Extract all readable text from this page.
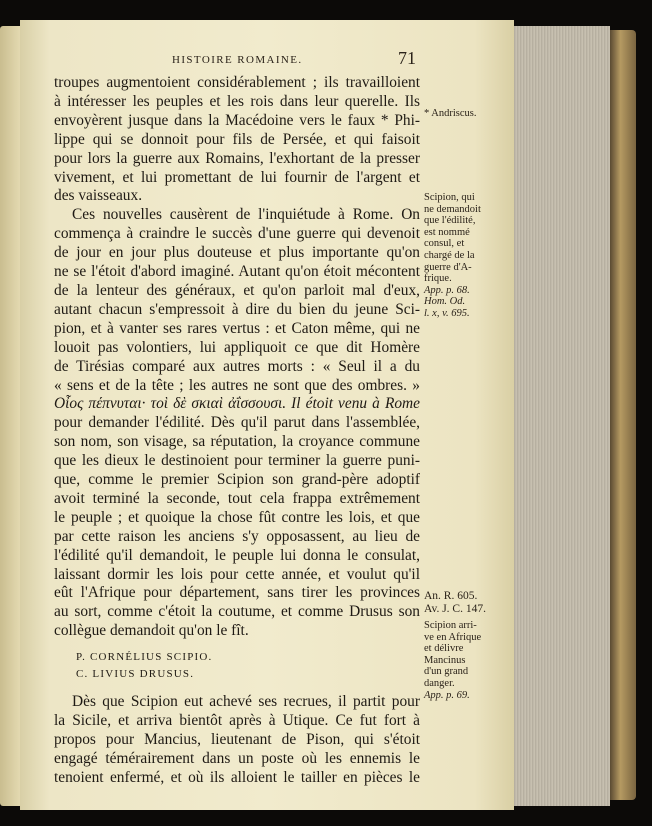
HISTOIRE ROMAINE.	71

troupes augmentoient considérablement ; ils travailloient

à intéresser les peuples et les rois dans leur querelle. Ils

envoyèrent jusque dans la Macédoine vers le faux * Phi-

lippe qui se donnoit pour fils de Persée, et qui faisoit

pour lors la guerre aux Romains, l'exhortant de la presser

vivement, et lui promettant de lui fournir de l'argent et

des vaisseaux.

Ces nouvelles causèrent de l'inquiétude à Rome. On

commença à craindre le succès d'une guerre qui devenoit

de jour en jour plus douteuse et plus importante qu'on

ne se l'étoit d'abord imaginé. Autant qu'on étoit mécontent

de la lenteur des généraux, et qu'on parloit mal d'eux,

autant chacun s'empressoit à dire du bien du jeune Sci-

pion, et à vanter ses rares vertus : et Caton même, qui ne

louoit pas volontiers, lui appliquoit ce que dit Homère

de Tirésias comparé aux autres morts : « Seul il a du

« sens et de la tête ; les autres ne sont que des ombres. »

Οἶος πέπνυται· τοὶ δὲ σκιαὶ ἀΐσσουσι. Il étoit venu à Rome

pour demander l'édilité. Dès qu'il parut dans l'assemblée,

son nom, son visage, sa réputation, la croyance commune

que les dieux le destinoient pour terminer la guerre puni-

que, comme le premier Scipion son grand-père adoptif

avoit terminé la seconde, tout cela frappa extrêmement

le peuple ; et quoique la chose fût contre les lois, et que

par cette raison les anciens s'y opposassent, au lieu de

l'édilité qu'il demandoit, le peuple lui donna le consulat,

laissant dormir les lois pour cette année, et voulut qu'il

eût l'Afrique pour département, sans tirer les provinces

au sort, comme c'étoit la coutume, et comme Drusus son

collègue demandoit qu'on le fît.

P. CORNÉLIUS SCIPIO.
C. LIVIUS DRUSUS.

Dès que Scipion eut achevé ses recrues, il partit pour

la Sicile, et arriva bientôt après à Utique. Ce fut fort à

propos pour Mancius, lieutenant de Pison, qui s'étoit

engagé témérairement dans un poste où les ennemis le

tenoient enfermé, et où ils alloient le tailler en pièces le

* Andriscus.
Scipion, qui
ne demandoit
que l'édilité,
est nommé
consul, et
chargé de la
guerre d'A-
frique.
App. p. 68.
Hom. Od.
l. x, v. 695.
An. R. 605.
Av. J. C. 147.
Scipion arri-
ve en Afrique
et délivre
Mancinus
d'un grand
danger.
App. p. 69.
